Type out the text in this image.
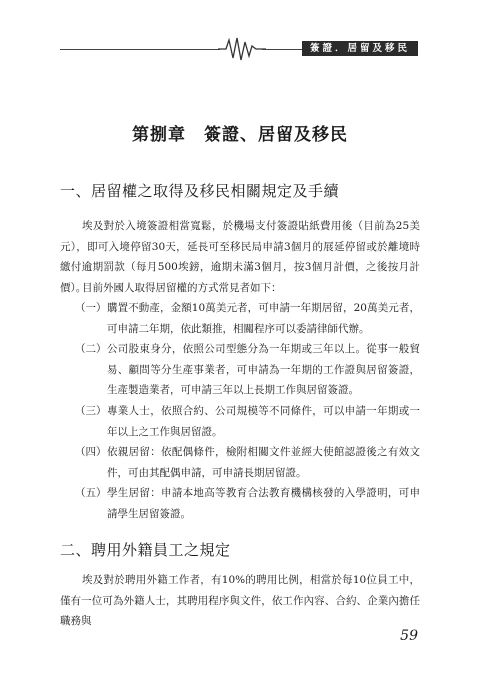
簽證．居留及移民
第捌章　簽證、居留及移民
一、居留權之取得及移民相關規定及手續

埃及對於入境簽證相當寬鬆，於機場支付簽證貼紙費用後（目前為25美元），即可入境停留30天，延長可至移民局申請3個月的展延停留或於離境時繳付逾期罰款（每月500埃鎊，逾期未滿3個月，按3個月計價，之後按月計價）。

目前外國人取得居留權的方式常見者如下：

（一） 購置不動產，金額10萬美元者，可申請一年期居留，20萬美元者，可申請二年期，依此類推，相關程序可以委請律師代辦。
（二） 公司股東身分，依照公司型態分為一年期或三年以上。從事一般貿易、顧問等分生產事業者，可申請為一年期的工作證與居留簽證，生產製造業者，可申請三年以上長期工作與居留簽證。
（三） 專業人士，依照合約、公司規模等不同條件，可以申請一年期或一年以上之工作與居留證。
（四） 依親居留：依配偶條件，檢附相關文件並經大使館認證後之有效文件，可由其配偶申請，可申請長期居留證。
（五） 學生居留：申請本地高等教育合法教育機構核發的入學證明，可申請學生居留簽證。
二、聘用外籍員工之規定

埃及對於聘用外籍工作者，有10%的聘用比例，相當於每10位員工中，僅有一位可為外籍人士，其聘用程序與文件，依工作內容、合約、企業內擔任職務與

59
